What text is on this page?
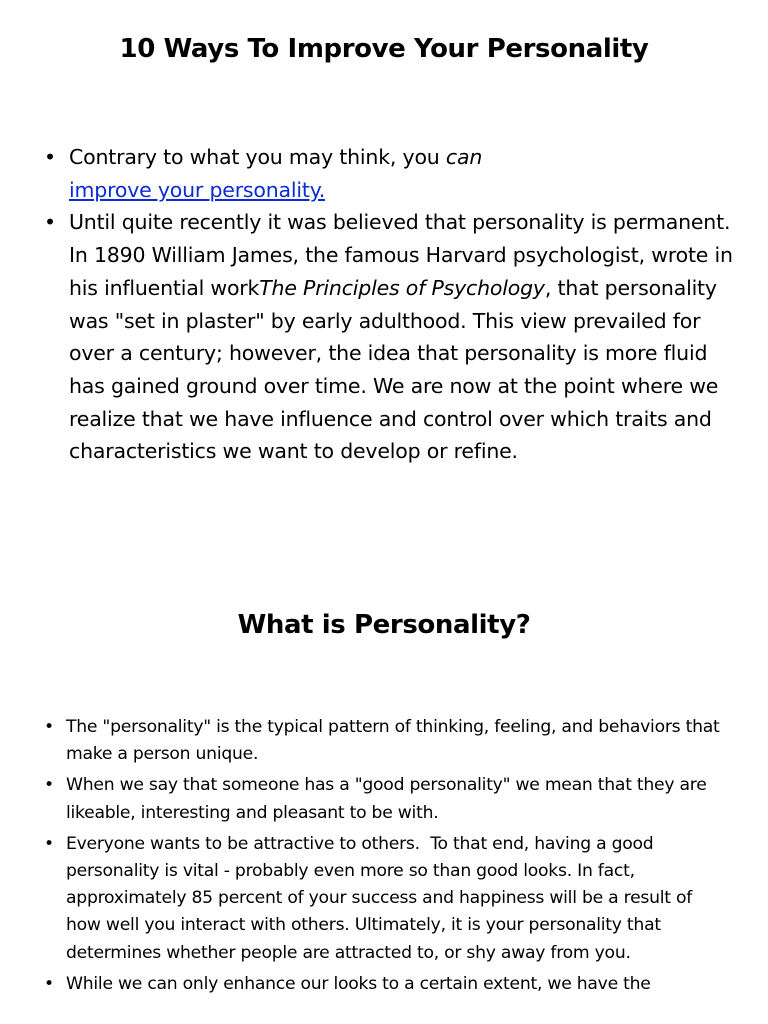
10 Ways To Improve Your Personality
• Contrary to what you may think, you can
improve your personality.
• Until quite recently it was believed that personality is permanent. In 1890 William James, the famous Harvard psychologist, wrote in his influential workThe Principles of Psychology, that personality was "set in plaster" by early adulthood. This view prevailed for over a century; however, the idea that personality is more fluid has gained ground over time. We are now at the point where we realize that we have influence and control over which traits and characteristics we want to develop or refine.
What is Personality?
• The "personality" is the typical pattern of thinking, feeling, and behaviors that make a person unique.
• When we say that someone has a "good personality" we mean that they are likeable, interesting and pleasant to be with.
• Everyone wants to be attractive to others.  To that end, having a good personality is vital - probably even more so than good looks. In fact, approximately 85 percent of your success and happiness will be a result of how well you interact with others. Ultimately, it is your personality that determines whether people are attracted to, or shy away from you.
• While we can only enhance our looks to a certain extent, we have the
